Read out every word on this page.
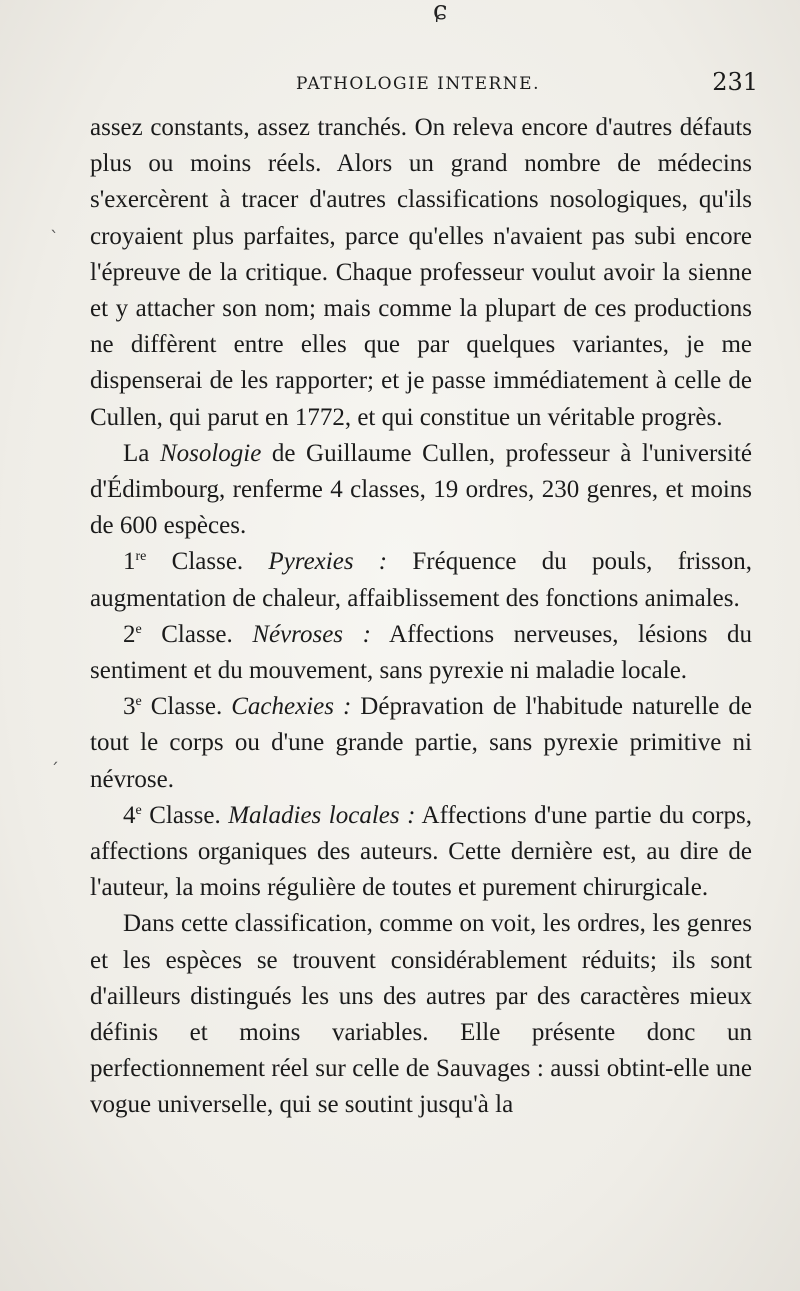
ɕ
`
´
PATHOLOGIE INTERNE.	231

assez constants, assez tranchés. On releva encore d'autres défauts plus ou moins réels. Alors un grand nombre de médecins s'exercèrent à tracer d'autres classifications nosologiques, qu'ils croyaient plus parfaites, parce qu'elles n'avaient pas subi encore l'épreuve de la critique. Chaque professeur voulut avoir la sienne et y attacher son nom; mais comme la plupart de ces productions ne diffèrent entre elles que par quelques variantes, je me dispenserai de les rapporter; et je passe immédiatement à celle de Cullen, qui parut en 1772, et qui constitue un véritable progrès.

La Nosologie de Guillaume Cullen, professeur à l'université d'Édimbourg, renferme 4 classes, 19 ordres, 230 genres, et moins de 600 espèces.

1re Classe. Pyrexies : Fréquence du pouls, frisson, augmentation de chaleur, affaiblissement des fonctions animales.

2e Classe. Névroses : Affections nerveuses, lésions du sentiment et du mouvement, sans pyrexie ni maladie locale.

3e Classe. Cachexies : Dépravation de l'habitude naturelle de tout le corps ou d'une grande partie, sans pyrexie primitive ni névrose.

4e Classe. Maladies locales : Affections d'une partie du corps, affections organiques des auteurs. Cette dernière est, au dire de l'auteur, la moins régulière de toutes et purement chirurgicale.

Dans cette classification, comme on voit, les ordres, les genres et les espèces se trouvent considérablement réduits; ils sont d'ailleurs distingués les uns des autres par des caractères mieux définis et moins variables. Elle présente donc un perfectionnement réel sur celle de Sauvages : aussi obtint-elle une vogue universelle, qui se soutint jusqu'à la
